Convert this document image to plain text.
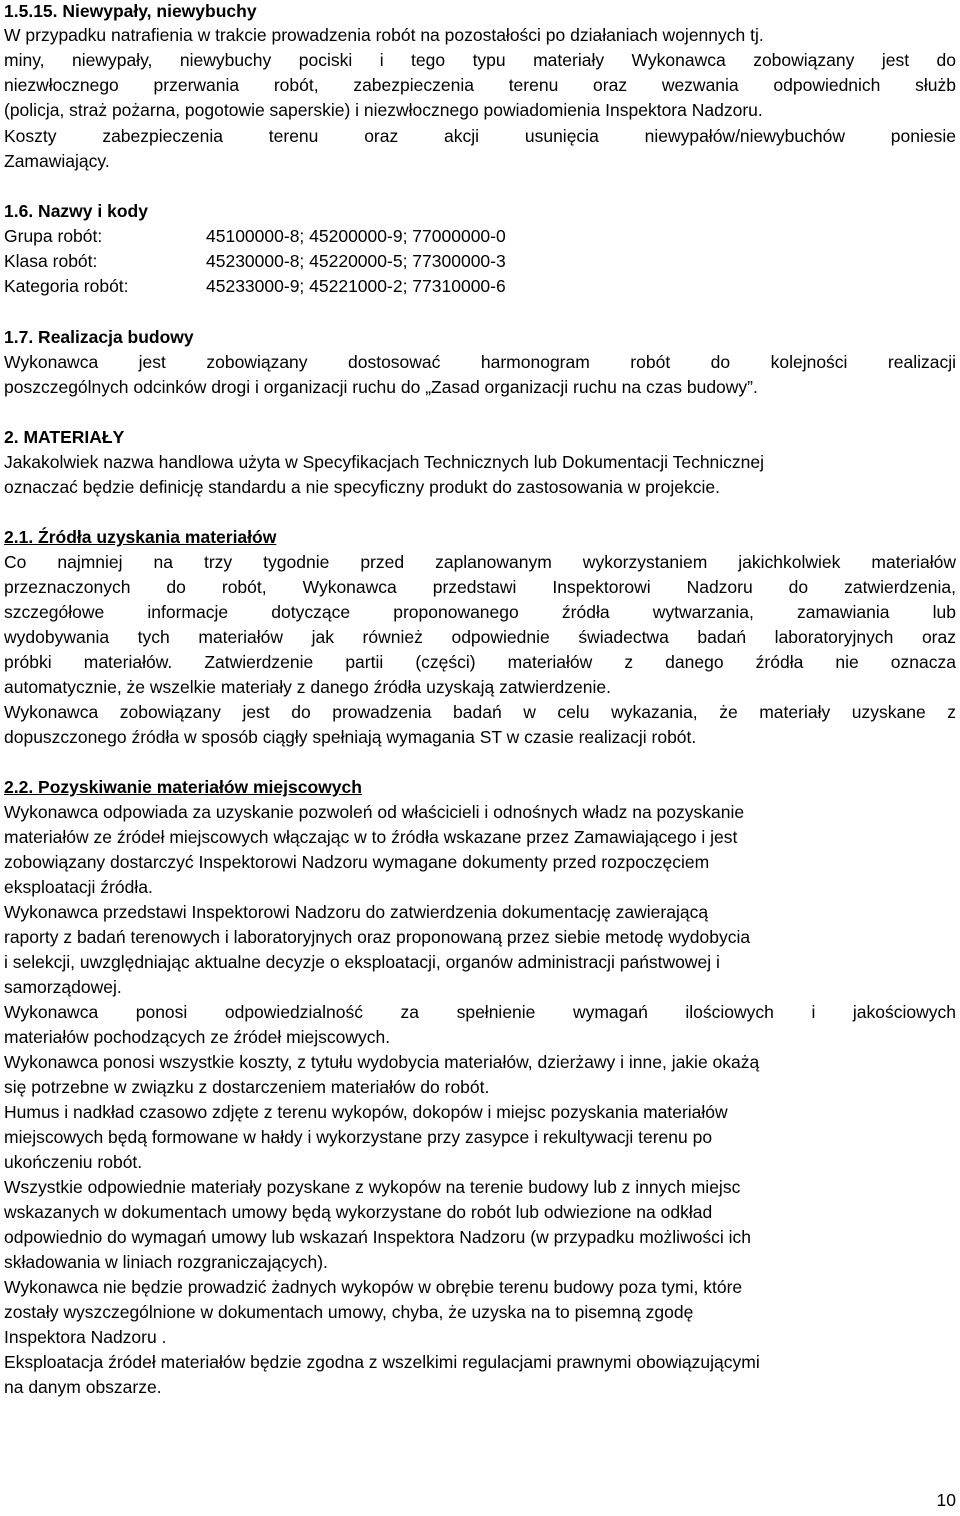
1.5.15. Niewypały, niewybuchy
W przypadku natrafienia w trakcie prowadzenia robót na pozostałości po działaniach wojennych tj.
miny, niewypały, niewybuchy pociski i tego typu materiały Wykonawca zobowiązany jest do
niezwłocznego przerwania robót, zabezpieczenia terenu oraz wezwania odpowiednich służb
(policja, straż pożarna, pogotowie saperskie) i niezwłocznego powiadomienia Inspektora Nadzoru.
Koszty zabezpieczenia terenu oraz akcji usunięcia niewypałów/niewybuchów poniesie
Zamawiający.
1.6. Nazwy i kody
Grupa robót:	45100000-8; 45200000-9; 77000000-0
Klasa robót:	45230000-8; 45220000-5; 77300000-3
Kategoria robót:	45233000-9; 45221000-2; 77310000-6
1.7. Realizacja budowy
Wykonawca jest zobowiązany dostosować harmonogram robót do kolejności realizacji
poszczególnych odcinków drogi i organizacji ruchu do „Zasad organizacji ruchu na czas budowy”.
2. MATERIAŁY
Jakakolwiek nazwa handlowa użyta w Specyfikacjach Technicznych lub Dokumentacji Technicznej
oznaczać będzie definicję standardu a nie specyficzny produkt do zastosowania w projekcie.
2.1. Źródła uzyskania materiałów
Co najmniej na trzy tygodnie przed zaplanowanym wykorzystaniem jakichkolwiek materiałów
przeznaczonych do robót, Wykonawca przedstawi Inspektorowi Nadzoru do zatwierdzenia,
szczegółowe informacje dotyczące proponowanego źródła wytwarzania, zamawiania lub
wydobywania tych materiałów jak również odpowiednie świadectwa badań laboratoryjnych oraz
próbki materiałów. Zatwierdzenie partii (części) materiałów z danego źródła nie oznacza
automatycznie, że wszelkie materiały z danego źródła uzyskają zatwierdzenie.
Wykonawca zobowiązany jest do prowadzenia badań w celu wykazania, że materiały uzyskane z
dopuszczonego źródła w sposób ciągły spełniają wymagania ST w czasie realizacji robót.
2.2. Pozyskiwanie materiałów miejscowych
Wykonawca odpowiada za uzyskanie pozwoleń od właścicieli i odnośnych władz na pozyskanie
materiałów ze źródeł miejscowych włączając w to źródła wskazane przez Zamawiającego i jest
zobowiązany dostarczyć Inspektorowi Nadzoru wymagane dokumenty przed rozpoczęciem
eksploatacji źródła.
Wykonawca przedstawi Inspektorowi Nadzoru do zatwierdzenia dokumentację zawierającą
raporty z badań terenowych i laboratoryjnych oraz proponowaną przez siebie metodę wydobycia
i selekcji, uwzględniając aktualne decyzje o eksploatacji, organów administracji państwowej i
samorządowej.
Wykonawca ponosi odpowiedzialność za spełnienie wymagań ilościowych i jakościowych
materiałów pochodzących ze źródeł miejscowych.
Wykonawca ponosi wszystkie koszty, z tytułu wydobycia materiałów, dzierżawy i inne, jakie okażą
się potrzebne w związku z dostarczeniem materiałów do robót.
Humus i nadkład czasowo zdjęte z terenu wykopów, dokopów i miejsc pozyskania materiałów
miejscowych będą formowane w hałdy i wykorzystane przy zasypce i rekultywacji terenu po
ukończeniu robót.
Wszystkie odpowiednie materiały pozyskane z wykopów na terenie budowy lub z innych miejsc
wskazanych w dokumentach umowy będą wykorzystane do robót lub odwiezione na odkład
odpowiednio do wymagań umowy lub wskazań Inspektora Nadzoru (w przypadku możliwości ich
składowania w liniach rozgraniczających).
Wykonawca nie będzie prowadzić żadnych wykopów w obrębie terenu budowy poza tymi, które
zostały wyszczególnione w dokumentach umowy, chyba, że uzyska na to pisemną zgodę
Inspektora Nadzoru .
Eksploatacja źródeł materiałów będzie zgodna z wszelkimi regulacjami prawnymi obowiązującymi
na danym obszarze.
10
